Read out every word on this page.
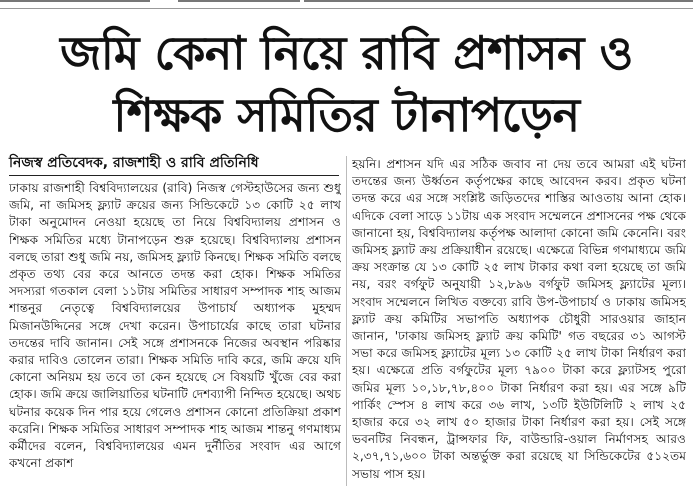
জমি কেনা নিয়ে রাবি প্রশাসন ও
শিক্ষক সমিতির টানাপড়েন
নিজস্ব প্রতিবেদক, রাজশাহী ও রাবি প্রতিনিধি

ঢাকায় রাজশাহী বিশ্ববিদ্যালয়ের (রাবি) নিজস্ব গেস্টহাউসের জন্য শুধু জমি, না জমিসহ ফ্ল্যাট ক্রয়ের জন্য সিন্ডিকেটে ১৩ কোটি ২৫ লাখ টাকা অনুমোদন নেওয়া হয়েছে তা নিয়ে বিশ্ববিদ্যালয় প্রশাসন ও শিক্ষক সমিতির মধ্যে টানাপড়েন শুরু হয়েছে। বিশ্ববিদ্যালয় প্রশাসন বলছে তারা শুধু জমি নয়, জমিসহ ফ্ল্যাট কিনছে। শিক্ষক সমিতি বলছে প্রকৃত তথ্য বের করে আনতে তদন্ত করা হোক। শিক্ষক সমিতির সদস্যরা গতকাল বেলা ১১টায় সমিতির সাধারণ সম্পাদক শাহ আজম শান্তনুর নেতৃত্বে বিশ্ববিদ্যালয়ের উপাচার্য অধ্যাপক মুহম্মদ মিজানউদ্দিনের সঙ্গে দেখা করেন। উপাচার্যের কাছে তারা ঘটনার তদন্তের দাবি জানান। সেই সঙ্গে প্রশাসনকে নিজের অবস্থান পরিষ্কার করার দাবিও তোলেন তারা। শিক্ষক সমিতি দাবি করে, জমি ক্রয়ে যদি কোনো অনিয়ম হয় তবে তা কেন হয়েছে সে বিষয়টি খুঁজে বের করা হোক। জমি ক্রয়ে জালিয়াতির ঘটনাটি দেশব্যাপী নিন্দিত হয়েছে। অথচ ঘটনার কয়েক দিন পার হয়ে গেলেও প্রশাসন কোনো প্রতিক্রিয়া প্রকাশ করেনি। শিক্ষক সমিতির সাধারণ সম্পাদক শাহ আজম শান্তনু গণমাধ্যম কর্মীদের বলেন, বিশ্ববিদ্যালয়ের এমন দুর্নীতির সংবাদ এর আগে কখনো প্রকাশ

হয়নি। প্রশাসন যদি এর সঠিক জবাব না দেয় তবে আমরা এই ঘটনা তদন্তের জন্য উর্ধ্বতন কর্তৃপক্ষের কাছে আবেদন করব। প্রকৃত ঘটনা তদন্ত করে এর সঙ্গে সংশ্লিষ্ট জড়িতদের শাস্তির আওতায় আনা হোক। এদিকে বেলা সাড়ে ১১টায় এক সংবাদ সম্মেলনে প্রশাসনের পক্ষ থেকে জানানো হয়, বিশ্ববিদ্যালয় কর্তৃপক্ষ আলাদা কোনো জমি কেনেনি। বরং জমিসহ ফ্ল্যাট ক্রয় প্রক্রিয়াধীন রয়েছে। এক্ষেত্রে বিভিন্ন গণমাধ্যমে জমি ক্রয় সংক্রান্ত যে ১৩ কোটি ২৫ লাখ টাকার কথা বলা হয়েছে তা জমি নয়, বরং বর্গফুট অনুযায়ী ১২,৮৯৬ বর্গফুট জমিসহ ফ্ল্যাটের মূল্য। সংবাদ সম্মেলনে লিখিত বক্তব্যে রাবি উপ-উপাচার্য ও ঢাকায় জমিসহ ফ্ল্যাট ক্রয় কমিটির সভাপতি অধ্যাপক চৌধুরী সারওয়ার জাহান জানান, 'ঢাকায় জমিসহ ফ্ল্যাট ক্রয় কমিটি' গত বছরের ৩১ আগস্ট সভা করে জমিসহ ফ্ল্যাটের মূল্য ১৩ কোটি ২৫ লাখ টাকা নির্ধারণ করা হয়। এক্ষেত্রে প্রতি বর্গফুটের মূল্য ৭৯০০ টাকা করে ফ্ল্যাটসহ পুরো জমির মূল্য ১০,১৮,৭৮,৪০০ টাকা নির্ধারণ করা হয়। এর সঙ্গে ৯টি পার্কিং স্পেস ৪ লাখ করে ৩৬ লাখ, ১৩টি ইউটিলিটি ২ লাখ ২৫ হাজার করে ৩২ লাখ ৫০ হাজার টাকা নির্ধারণ করা হয়। সেই সঙ্গে ভবনটির নিবন্ধন, ট্রান্সফার ফি, বাউন্ডারি-ওয়াল নির্মাণসহ আরও ২,৩৭,৭১,৬০০ টাকা অন্তর্ভুক্ত করা রয়েছে যা সিন্ডিকেটের ৫১২তম সভায় পাস হয়।
